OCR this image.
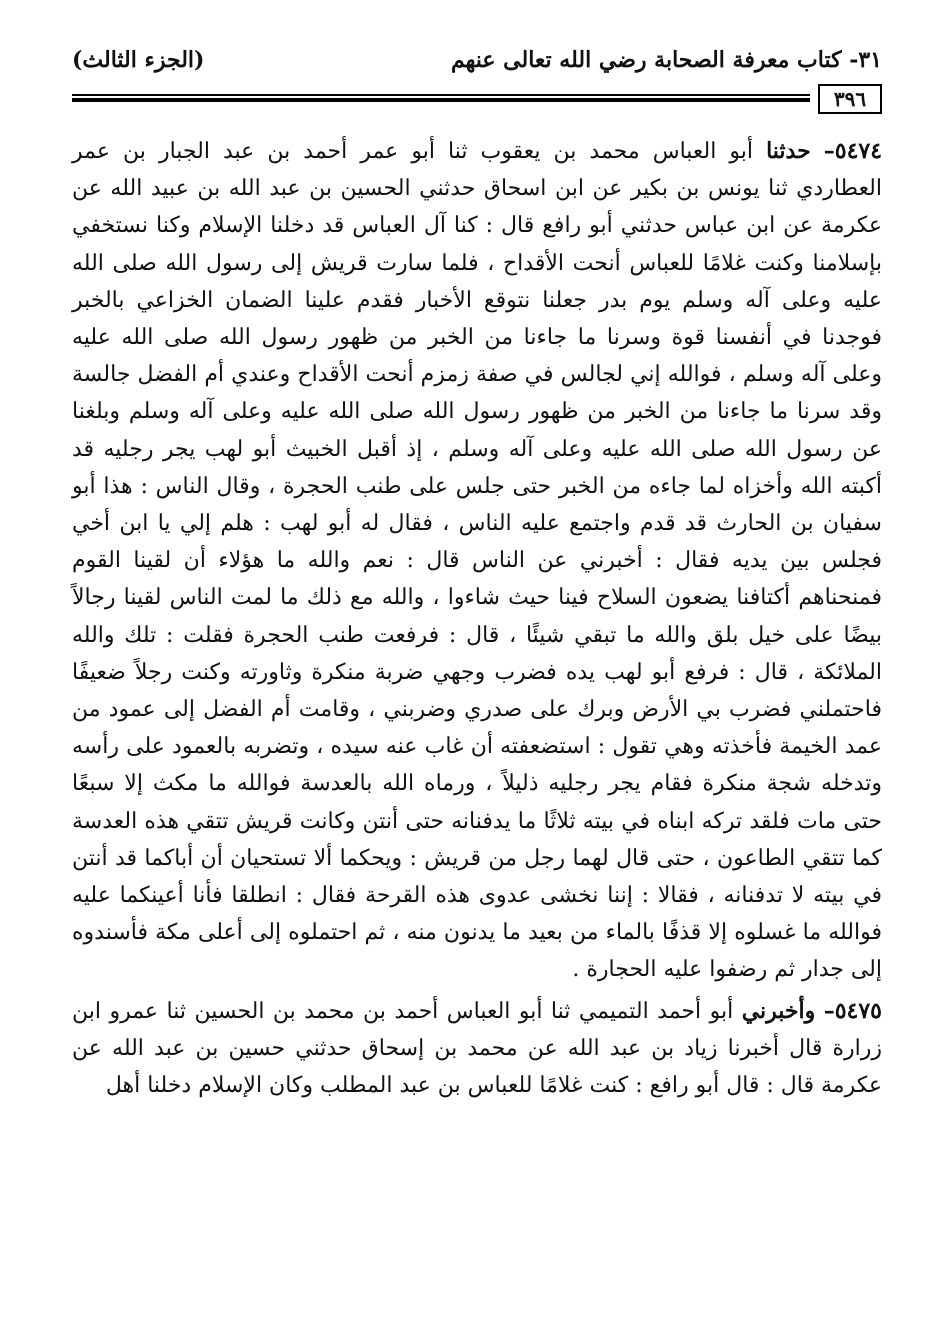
٣١- كتاب معرفة الصحابة رضي الله تعالى عنهم
(الجزء الثالث)
٣٩٦

٥٤٧٤– حدثنا أبو العباس محمد بن يعقوب ثنا أبو عمر أحمد بن عبد الجبار بن عمر العطاردي ثنا يونس بن بكير عن ابن اسحاق حدثني الحسين بن عبد الله بن عبيد الله عن عكرمة عن ابن عباس حدثني أبو رافع قال : كنا آل العباس قد دخلنا الإسلام وكنا نستخفي بإسلامنا وكنت غلامًا للعباس أنحت الأقداح ، فلما سارت قريش إلى رسول الله صلى الله عليه وعلى آله وسلم يوم بدر جعلنا نتوقع الأخبار فقدم علينا الضمان الخزاعي بالخبر فوجدنا في أنفسنا قوة وسرنا ما جاءنا من الخبر من ظهور رسول الله صلى الله عليه وعلى آله وسلم ، فوالله إني لجالس في صفة زمزم أنحت الأقداح وعندي أم الفضل جالسة وقد سرنا ما جاءنا من الخبر من ظهور رسول الله صلى الله عليه وعلى آله وسلم وبلغنا عن رسول الله صلى الله عليه وعلى آله وسلم ، إذ أقبل الخبيث أبو لهب يجر رجليه قد أكبته الله وأخزاه لما جاءه من الخبر حتى جلس على طنب الحجرة ، وقال الناس : هذا أبو سفيان بن الحارث قد قدم واجتمع عليه الناس ، فقال له أبو لهب : هلم إلي يا ابن أخي فجلس بين يديه فقال : أخبرني عن الناس قال : نعم والله ما هؤلاء أن لقينا القوم فمنحناهم أكتافنا يضعون السلاح فينا حيث شاءوا ، والله مع ذلك ما لمت الناس لقينا رجالاً بيضًا على خيل بلق والله ما تبقي شيئًا ، قال : فرفعت طنب الحجرة فقلت : تلك والله الملائكة ، قال : فرفع أبو لهب يده فضرب وجهي ضربة منكرة وثاورته وكنت رجلاً ضعيفًا فاحتملني فضرب بي الأرض وبرك على صدري وضربني ، وقامت أم الفضل إلى عمود من عمد الخيمة فأخذته وهي تقول : استضعفته أن غاب عنه سيده ، وتضربه بالعمود على رأسه وتدخله شجة منكرة فقام يجر رجليه ذليلاً ، ورماه الله بالعدسة فوالله ما مكث إلا سبعًا حتى مات فلقد تركه ابناه في بيته ثلاثًا ما يدفنانه حتى أنتن وكانت قريش تتقي هذه العدسة كما تتقي الطاعون ، حتى قال لهما رجل من قريش : ويحكما ألا تستحيان أن أباكما قد أنتن في بيته لا تدفنانه ، فقالا : إننا نخشى عدوى هذه القرحة فقال : انطلقا فأنا أعينكما عليه فوالله ما غسلوه إلا قذفًا بالماء من بعيد ما يدنون منه ، ثم احتملوه إلى أعلى مكة فأسندوه إلى جدار ثم رضفوا عليه الحجارة .

٥٤٧٥– وأخبرني أبو أحمد التميمي ثنا أبو العباس أحمد بن محمد بن الحسين ثنا عمرو ابن زرارة قال أخبرنا زياد بن عبد الله عن محمد بن إسحاق حدثني حسين بن عبد الله عن عكرمة قال : قال أبو رافع : كنت غلامًا للعباس بن عبد المطلب وكان الإسلام دخلنا أهل
